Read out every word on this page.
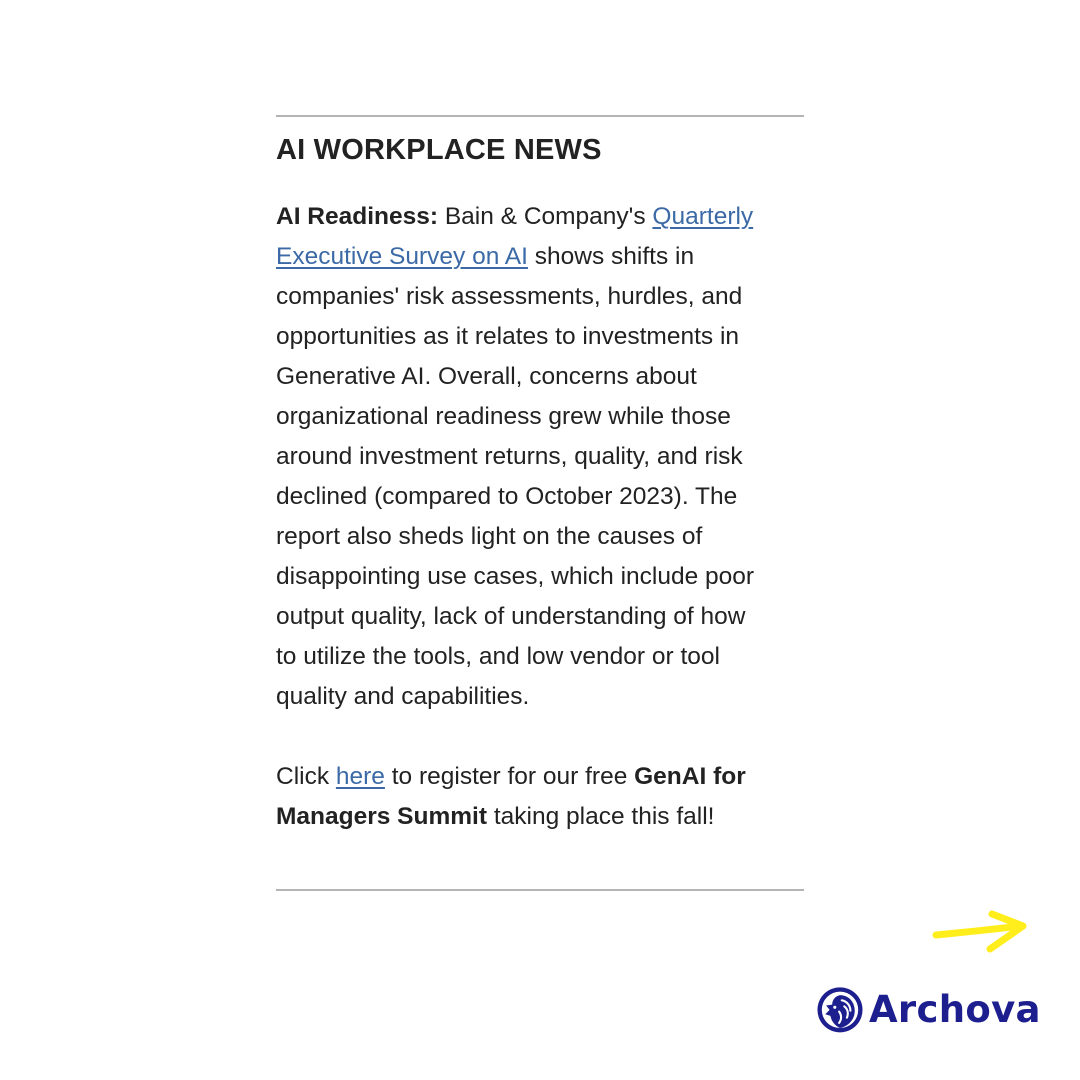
AI WORKPLACE NEWS

AI Readiness: Bain & Company's Quarterly
Executive Survey on AI shows shifts in
companies' risk assessments, hurdles, and
opportunities as it relates to investments in
Generative AI. Overall, concerns about
organizational readiness grew while those
around investment returns, quality, and risk
declined (compared to October 2023). The
report also sheds light on the causes of
disappointing use cases, which include poor
output quality, lack of understanding of how
to utilize the tools, and low vendor or tool
quality and capabilities.

Click here to register for our free GenAI for
Managers Summit taking place this fall!

Archova
